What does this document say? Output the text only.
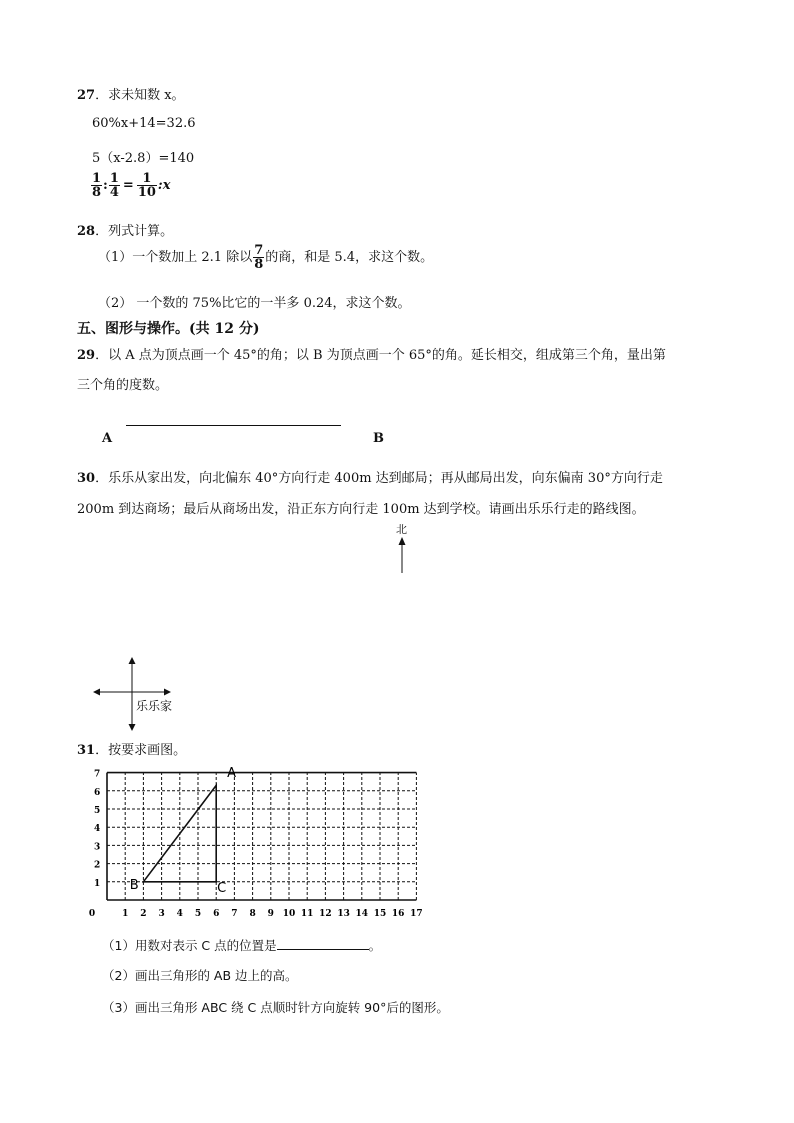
27．求未知数 x。
60%x+14=32.6
5（x-2.8）=140
$\frac{1}{8}$ : $\frac{1}{4} = \frac{1}{10}$ :x
28．列式计算。
（1）一个数加上 2.1 除以 $\frac{7}{8}$ 的商，和是 5.4，求这个数。
（2） 一个数的 75%比它的一半多 0.24，求这个数。
五、图形与操作。(共 12 分)
29．以 A 点为顶点画一个 45°的角；以 B 为顶点画一个 65°的角。延长相交，组成第三个角，量出第
三个角的度数。
A	B
30．乐乐从家出发，向北偏东 40°方向行走 400m 达到邮局；再从邮局出发，向东偏南 30°方向行走
200m 到达商场；最后从商场出发，沿正东方向行走 100m 达到学校。请画出乐乐行走的路线图。
北
乐乐家
31．按要求画图。
1
2
3
4
5
6
7
0	1 2 3 4 5 6 7 8 9 10 11 12 13 14 15 16 17
A
B	C
（1）用数对表示 C 点的位置是	。
（2）画出三角形的 AB 边上的高。
（3）画出三角形 ABC 绕 C 点顺时针方向旋转 90°后的图形。
